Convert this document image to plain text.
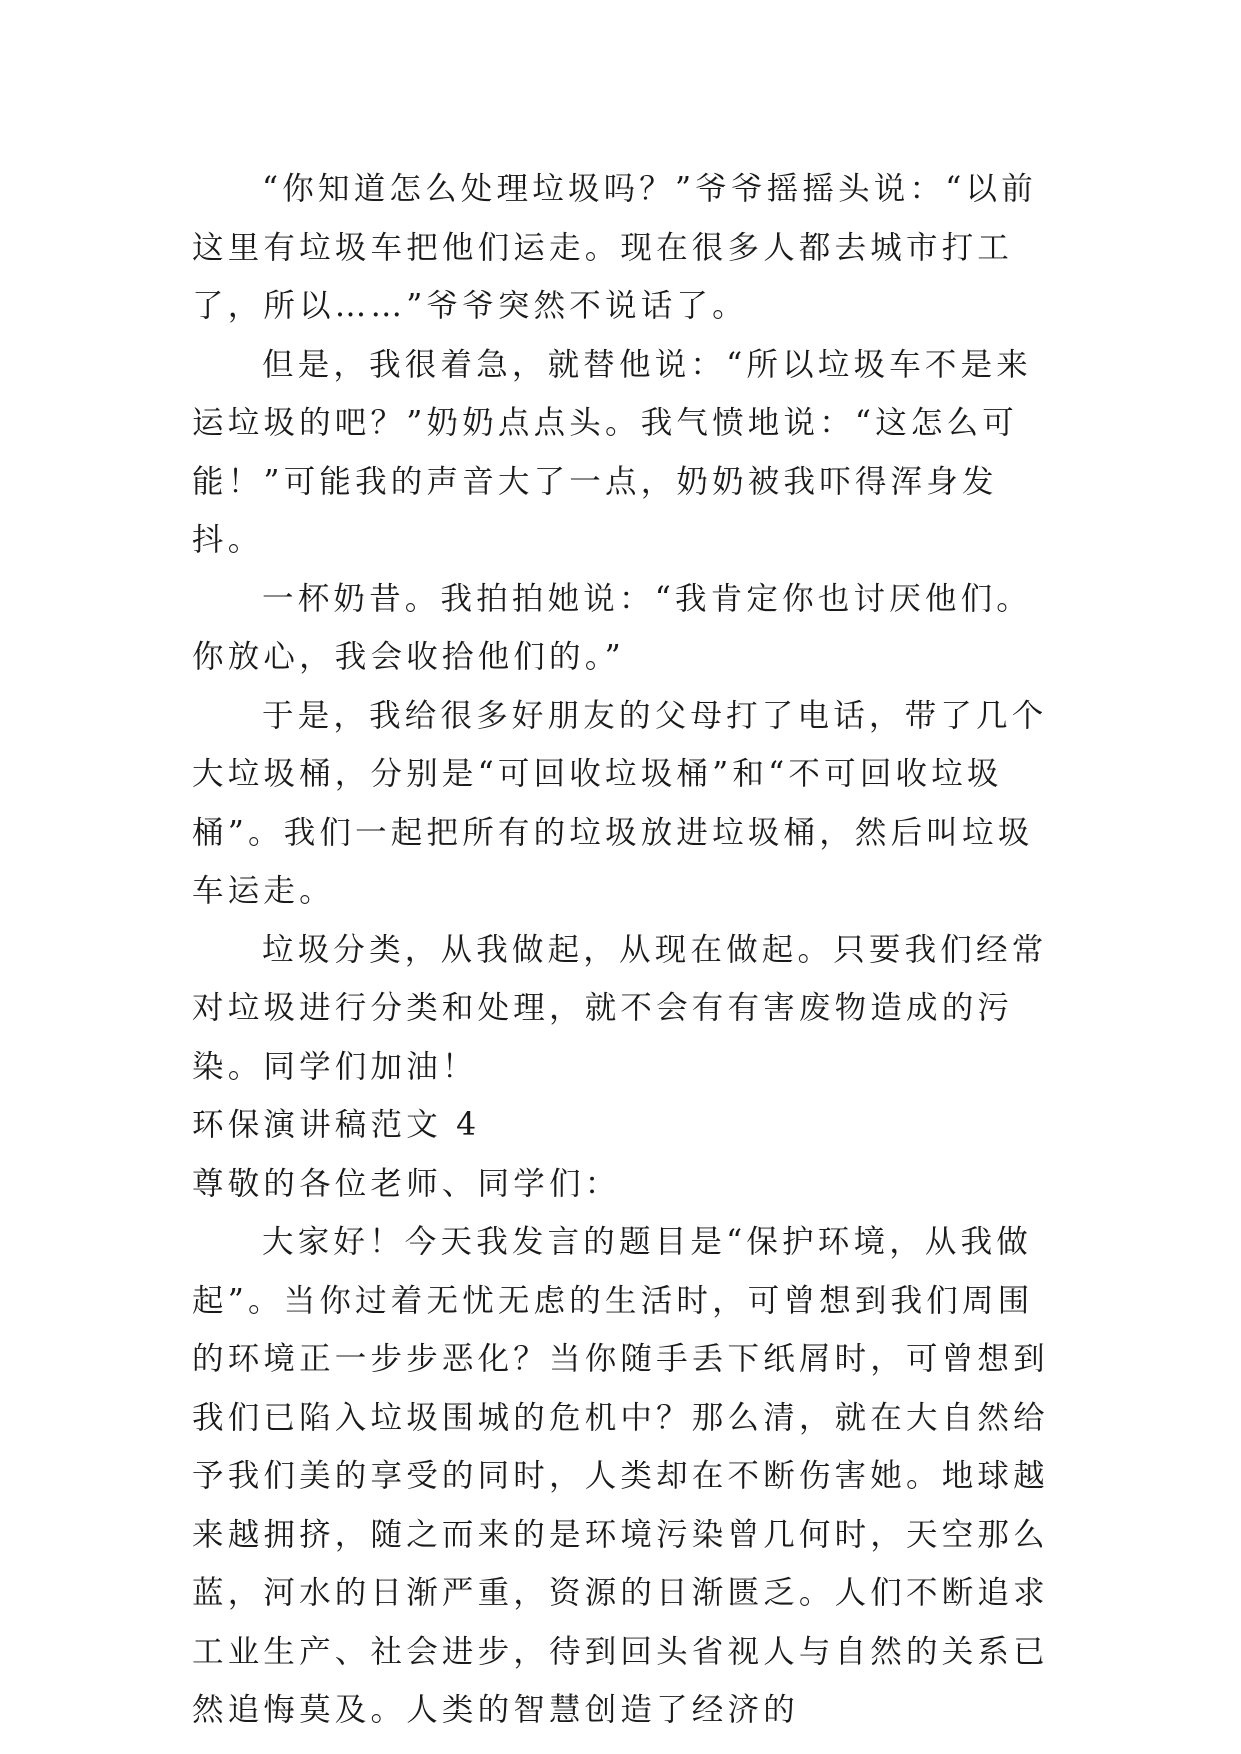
“你知道怎么处理垃圾吗？”爷爷摇摇头说：“以前这里有垃圾车把他们运走。现在很多人都去城市打工了，所以……”爷爷突然不说话了。

但是，我很着急，就替他说：“所以垃圾车不是来运垃圾的吧？”奶奶点点头。我气愤地说：“这怎么可能！”可能我的声音大了一点，奶奶被我吓得浑身发抖。

一杯奶昔。我拍拍她说：“我肯定你也讨厌他们。你放心，我会收拾他们的。”

于是，我给很多好朋友的父母打了电话，带了几个大垃圾桶，分别是“可回收垃圾桶”和“不可回收垃圾桶”。我们一起把所有的垃圾放进垃圾桶，然后叫垃圾车运走。

垃圾分类，从我做起，从现在做起。只要我们经常对垃圾进行分类和处理，就不会有有害废物造成的污染。同学们加油！

环保演讲稿范文 4

尊敬的各位老师、同学们：

大家好！今天我发言的题目是“保护环境，从我做起”。当你过着无忧无虑的生活时，可曾想到我们周围的环境正一步步恶化？当你随手丢下纸屑时，可曾想到我们已陷入垃圾围城的危机中？那么清，就在大自然给予我们美的享受的同时，人类却在不断伤害她。地球越来越拥挤，随之而来的是环境污染曾几何时，天空那么蓝，河水的日渐严重，资源的日渐匮乏。人们不断追求工业生产、社会进步，待到回头省视人与自然的关系已然追悔莫及。人类的智慧创造了经济的
